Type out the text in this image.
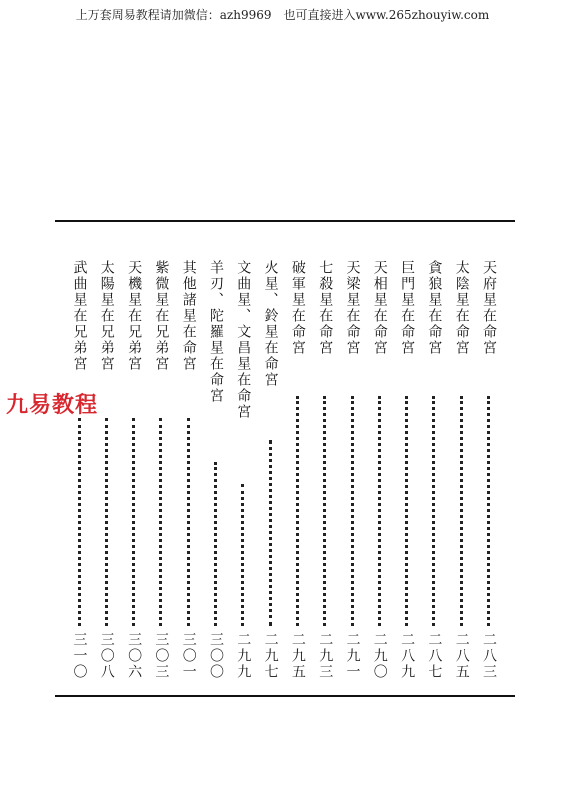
上万套周易教程请加微信：azh9969　也可直接进入www.265zhouyiw.com
天府星在命宮
二八三
太陰星在命宮
二八五
貪狼星在命宮
二八七
巨門星在命宮
二八九
天相星在命宮
二九〇
天梁星在命宮
二九一
七殺星在命宮
二九三
破軍星在命宮
二九五
火星、鈴星在命宮
二九七
文曲星、文昌星在命宮
二九九
羊刃、陀羅星在命宮
三〇〇
其他諸星在命宮
三〇一
紫微星在兄弟宮
三〇三
天機星在兄弟宮
三〇六
太陽星在兄弟宮
三〇八
武曲星在兄弟宮
三一〇
九易教程
